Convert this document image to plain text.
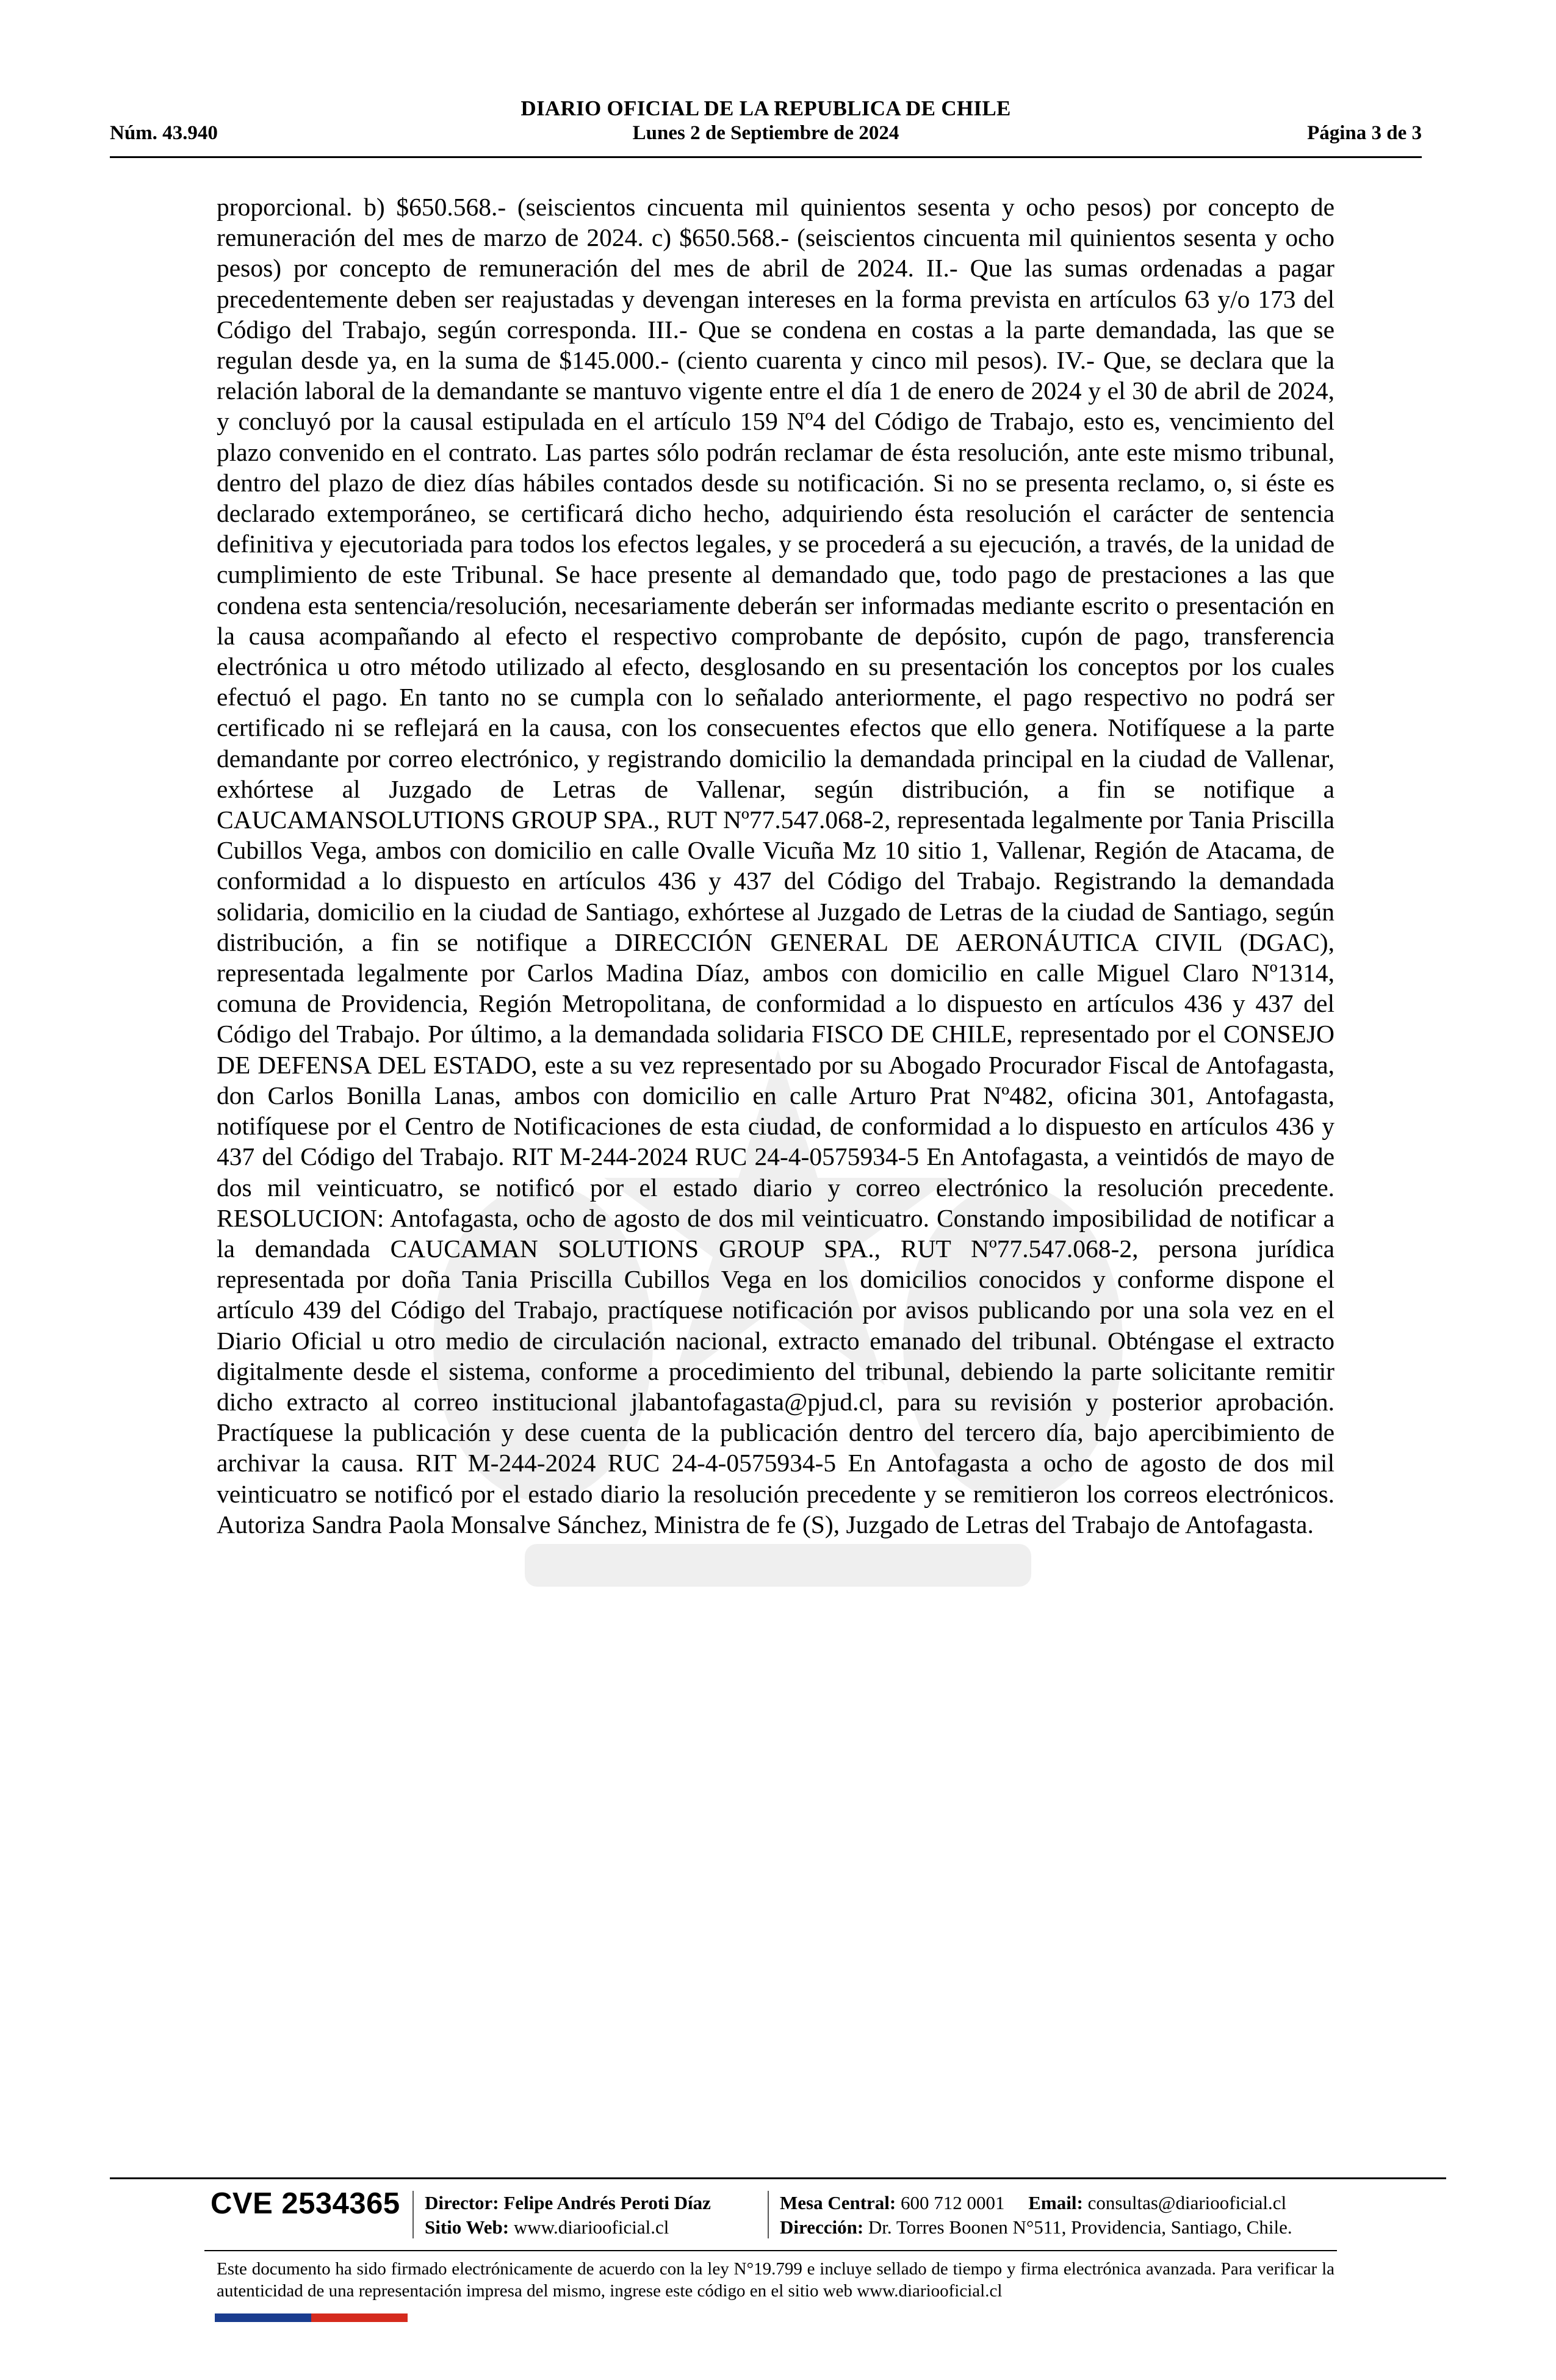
DIARIO OFICIAL DE LA REPUBLICA DE CHILE
Núm. 43.940	Lunes 2 de Septiembre de 2024	Página 3 de 3
proporcional. b) $650.568.- (seiscientos cincuenta mil quinientos sesenta y ocho pesos) por concepto de remuneración del mes de marzo de 2024. c) $650.568.- (seiscientos cincuenta mil quinientos sesenta y ocho pesos) por concepto de remuneración del mes de abril de 2024. II.- Que las sumas ordenadas a pagar precedentemente deben ser reajustadas y devengan intereses en la forma prevista en artículos 63 y/o 173 del Código del Trabajo, según corresponda. III.- Que se condena en costas a la parte demandada, las que se regulan desde ya, en la suma de $145.000.- (ciento cuarenta y cinco mil pesos). IV.- Que, se declara que la relación laboral de la demandante se mantuvo vigente entre el día 1 de enero de 2024 y el 30 de abril de 2024, y concluyó por la causal estipulada en el artículo 159 Nº4 del Código de Trabajo, esto es, vencimiento del plazo convenido en el contrato. Las partes sólo podrán reclamar de ésta resolución, ante este mismo tribunal, dentro del plazo de diez días hábiles contados desde su notificación. Si no se presenta reclamo, o, si éste es declarado extemporáneo, se certificará dicho hecho, adquiriendo ésta resolución el carácter de sentencia definitiva y ejecutoriada para todos los efectos legales, y se procederá a su ejecución, a través, de la unidad de cumplimiento de este Tribunal. Se hace presente al demandado que, todo pago de prestaciones a las que condena esta sentencia/resolución, necesariamente deberán ser informadas mediante escrito o presentación en la causa acompañando al efecto el respectivo comprobante de depósito, cupón de pago, transferencia electrónica u otro método utilizado al efecto, desglosando en su presentación los conceptos por los cuales efectuó el pago. En tanto no se cumpla con lo señalado anteriormente, el pago respectivo no podrá ser certificado ni se reflejará en la causa, con los consecuentes efectos que ello genera. Notifíquese a la parte demandante por correo electrónico, y registrando domicilio la demandada principal en la ciudad de Vallenar, exhórtese al Juzgado de Letras de Vallenar, según distribución, a fin se notifique a CAUCAMANSOLUTIONS GROUP SPA., RUT Nº77.547.068-2, representada legalmente por Tania Priscilla Cubillos Vega, ambos con domicilio en calle Ovalle Vicuña Mz 10 sitio 1, Vallenar, Región de Atacama, de conformidad a lo dispuesto en artículos 436 y 437 del Código del Trabajo. Registrando la demandada solidaria, domicilio en la ciudad de Santiago, exhórtese al Juzgado de Letras de la ciudad de Santiago, según distribución, a fin se notifique a DIRECCIÓN GENERAL DE AERONÁUTICA CIVIL (DGAC), representada legalmente por Carlos Madina Díaz, ambos con domicilio en calle Miguel Claro Nº1314, comuna de Providencia, Región Metropolitana, de conformidad a lo dispuesto en artículos 436 y 437 del Código del Trabajo. Por último, a la demandada solidaria FISCO DE CHILE, representado por el CONSEJO DE DEFENSA DEL ESTADO, este a su vez representado por su Abogado Procurador Fiscal de Antofagasta, don Carlos Bonilla Lanas, ambos con domicilio en calle Arturo Prat Nº482, oficina 301, Antofagasta, notifíquese por el Centro de Notificaciones de esta ciudad, de conformidad a lo dispuesto en artículos 436 y 437 del Código del Trabajo. RIT M-244-2024 RUC 24-4-0575934-5 En Antofagasta, a veintidós de mayo de dos mil veinticuatro, se notificó por el estado diario y correo electrónico la resolución precedente. RESOLUCION: Antofagasta, ocho de agosto de dos mil veinticuatro. Constando imposibilidad de notificar a la demandada CAUCAMAN SOLUTIONS GROUP SPA., RUT Nº77.547.068-2, persona jurídica representada por doña Tania Priscilla Cubillos Vega en los domicilios conocidos y conforme dispone el artículo 439 del Código del Trabajo, practíquese notificación por avisos publicando por una sola vez en el Diario Oficial u otro medio de circulación nacional, extracto emanado del tribunal. Obténgase el extracto digitalmente desde el sistema, conforme a procedimiento del tribunal, debiendo la parte solicitante remitir dicho extracto al correo institucional jlabantofagasta@pjud.cl, para su revisión y posterior aprobación. Practíquese la publicación y dese cuenta de la publicación dentro del tercero día, bajo apercibimiento de archivar la causa. RIT M-244-2024 RUC 24-4-0575934-5 En Antofagasta a ocho de agosto de dos mil veinticuatro se notificó por el estado diario la resolución precedente y se remitieron los correos electrónicos. Autoriza Sandra Paola Monsalve Sánchez, Ministra de fe (S), Juzgado de Letras del Trabajo de Antofagasta.
CVE 2534365 Director: Felipe Andrés Peroti Díaz
Sitio Web: www.diariooficial.cl
Mesa Central: 600 712 0001 Email: consultas@diariooficial.cl
Dirección: Dr. Torres Boonen N°511, Providencia, Santiago, Chile.
Este documento ha sido firmado electrónicamente de acuerdo con la ley N°19.799 e incluye sellado de tiempo y firma electrónica avanzada. Para verificar la autenticidad de una representación impresa del mismo, ingrese este código en el sitio web www.diariooficial.cl
